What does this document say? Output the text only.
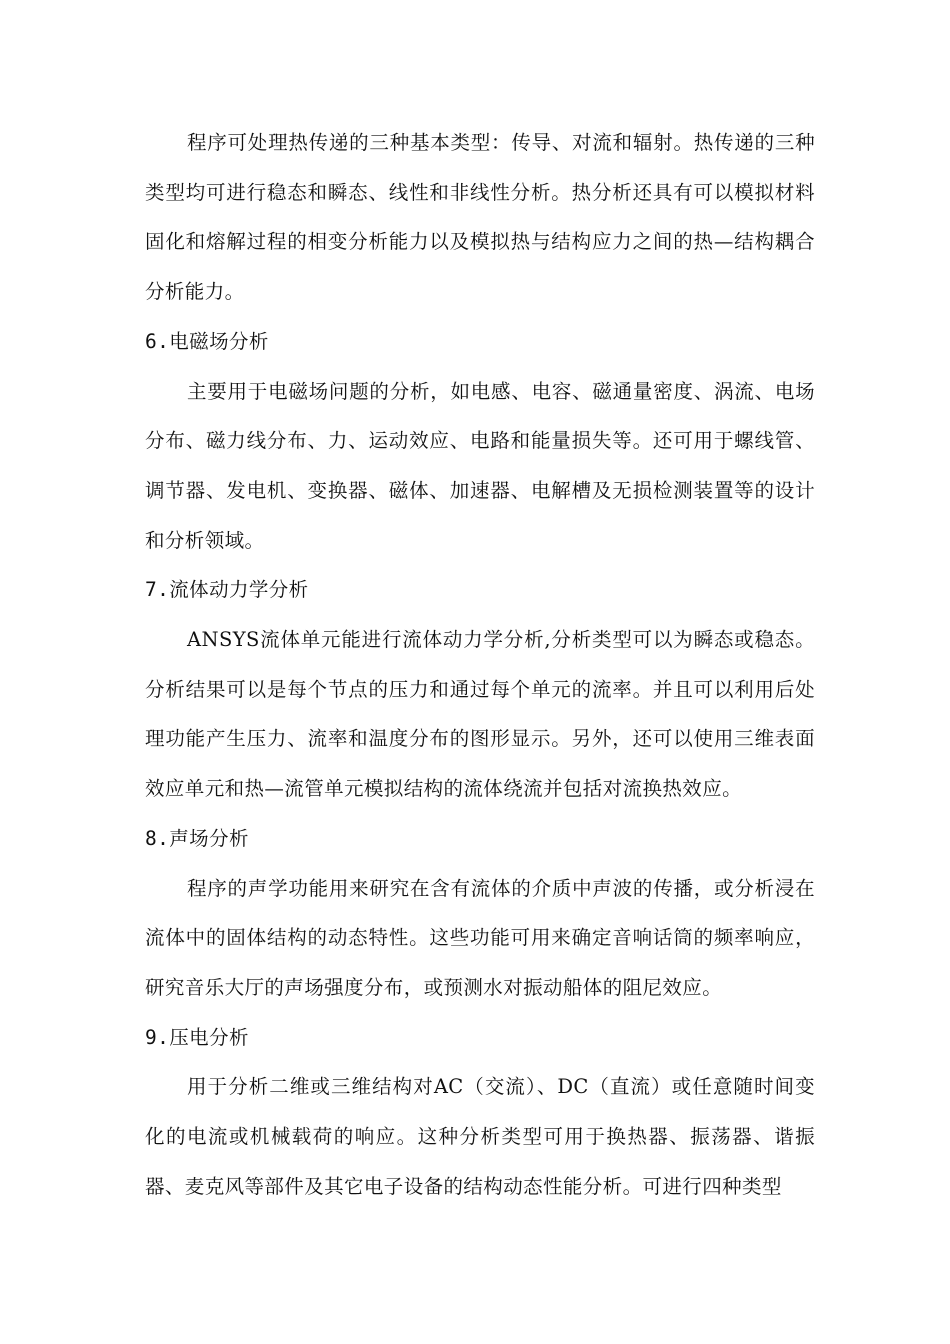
程序可处理热传递的三种基本类型：传导、对流和辐射。热传递的三种类型均可进行稳态和瞬态、线性和非线性分析。热分析还具有可以模拟材料固化和熔解过程的相变分析能力以及模拟热与结构应力之间的热—结构耦合分析能力。

6.电磁场分析

主要用于电磁场问题的分析，如电感、电容、磁通量密度、涡流、电场分布、磁力线分布、力、运动效应、电路和能量损失等。还可用于螺线管、调节器、发电机、变换器、磁体、加速器、电解槽及无损检测装置等的设计和分析领域。

7.流体动力学分析

ANSYS流体单元能进行流体动力学分析,分析类型可以为瞬态或稳态。分析结果可以是每个节点的压力和通过每个单元的流率。并且可以利用后处理功能产生压力、流率和温度分布的图形显示。另外，还可以使用三维表面效应单元和热—流管单元模拟结构的流体绕流并包括对流换热效应。

8.声场分析

程序的声学功能用来研究在含有流体的介质中声波的传播，或分析浸在流体中的固体结构的动态特性。这些功能可用来确定音响话筒的频率响应，研究音乐大厅的声场强度分布，或预测水对振动船体的阻尼效应。

9.压电分析

用于分析二维或三维结构对AC（交流）、DC（直流）或任意随时间变化的电流或机械载荷的响应。这种分析类型可用于换热器、振荡器、谐振器、麦克风等部件及其它电子设备的结构动态性能分析。可进行四种类型
